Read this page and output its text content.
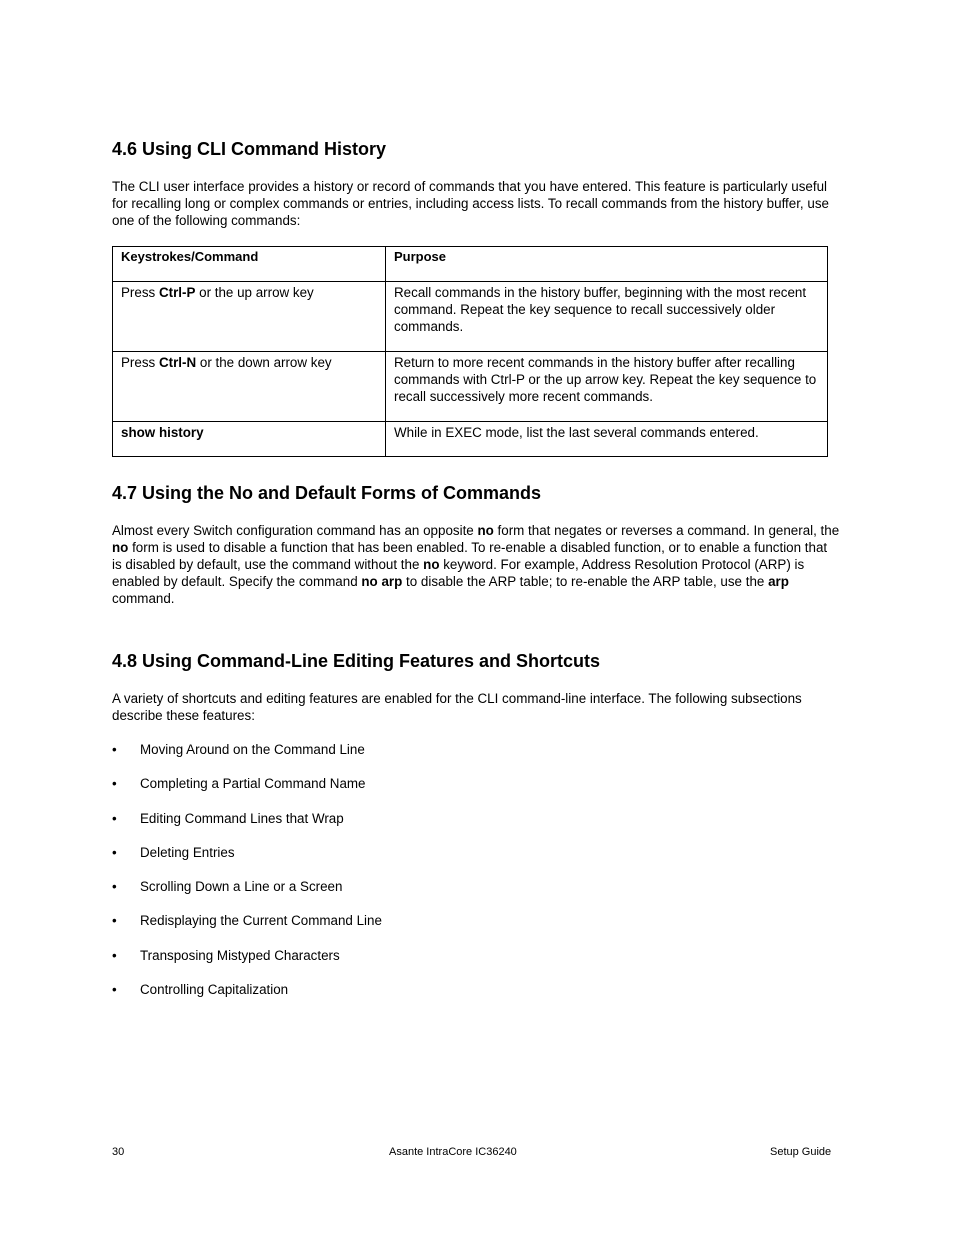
4.6 Using CLI Command History

The CLI user interface provides a history or record of commands that you have entered. This feature is particularly useful for recalling long or complex commands or entries, including access lists. To recall commands from the history buffer, use one of the following commands:

Keystrokes/Command	Purpose

Press Ctrl-P or the up arrow key	Recall commands in the history buffer, beginning with the most recent command. Repeat the key sequence to recall successively older commands.

Press Ctrl-N or the down arrow key	Return to more recent commands in the history buffer after recalling commands with Ctrl-P or the up arrow key. Repeat the key sequence to recall successively more recent commands.

show history	While in EXEC mode, list the last several commands entered.
4.7 Using the No and Default Forms of Commands

Almost every Switch configuration command has an opposite no form that negates or reverses a command. In general, the no form is used to disable a function that has been enabled. To re-enable a disabled function, or to enable a function that is disabled by default, use the command without the no keyword. For example, Address Resolution Protocol (ARP) is enabled by default. Specify the command no arp to disable the ARP table; to re-enable the ARP table, use the arp command.

4.8 Using Command-Line Editing Features and Shortcuts

A variety of shortcuts and editing features are enabled for the CLI command-line interface. The following subsections describe these features:

• Moving Around on the Command Line
• Completing a Partial Command Name
• Editing Command Lines that Wrap
• Deleting Entries
• Scrolling Down a Line or a Screen
• Redisplaying the Current Command Line
• Transposing Mistyped Characters
• Controlling Capitalization
30	Asante IntraCore IC36240	Setup Guide
